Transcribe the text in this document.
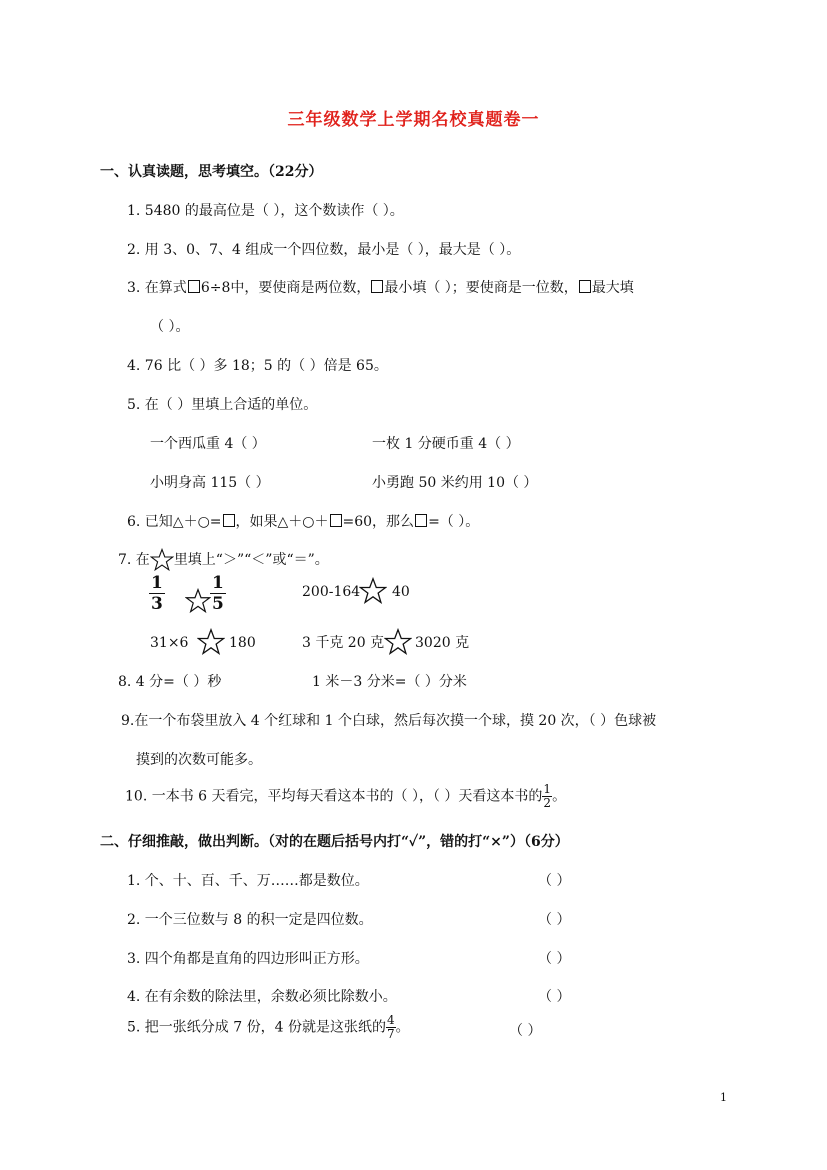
三年级数学上学期名校真题卷一
一、认真读题，思考填空。（22分）
1. 5480 的最高位是（ ），这个数读作（ ）。
2. 用 3、0、7、4 组成一个四位数，最小是（ ），最大是（ ）。
3. 在算式 6÷8中，要使商是两位数， 最小填（ ）；要使商是一位数， 最大填
（ ）。
4. 76 比（ ）多 18；5 的（ ）倍是 65。
5. 在（ ）里填上合适的单位。
一个西瓜重 4（ ）	一枚 1 分硬币重 4（ ）
小明身高 115（ ）	小勇跑 50 米约用 10（ ）
6. 已知△＋○= ，如果△＋○＋ =60，那么 =（ ）。
7. 在 里填上“＞”“＜”或“＝”。
$\frac{1}{3}$	$\frac{1}{5}$	200-164 40
31×6	180	3 千克 20 克 3020 克
8. 4 分=（ ）秒	1 米－3 分米=（ ）分米
9.在一个布袋里放入 4 个红球和 1 个白球，然后每次摸一个球，摸 20 次，（ ）色球被
摸到的次数可能多。
10. 一本书 6 天看完，平均每天看这本书的（ ），（ ）天看这本书的 $\frac{1}{2}$ 。
二、仔细推敲，做出判断。（对的在题后括号内打“✓”，错的打“×”）（6分）
1. 个、十、百、千、万……都是数位。	（ ）
2. 一个三位数与 8 的积一定是四位数。	（ ）
3. 四个角都是直角的四边形叫正方形。	（ ）
4. 在有余数的除法里，余数必须比除数小。	（ ）
5. 把一张纸分成 7 份，4 份就是这张纸的 $\frac{4}{7}$ 。	（ ）
1
